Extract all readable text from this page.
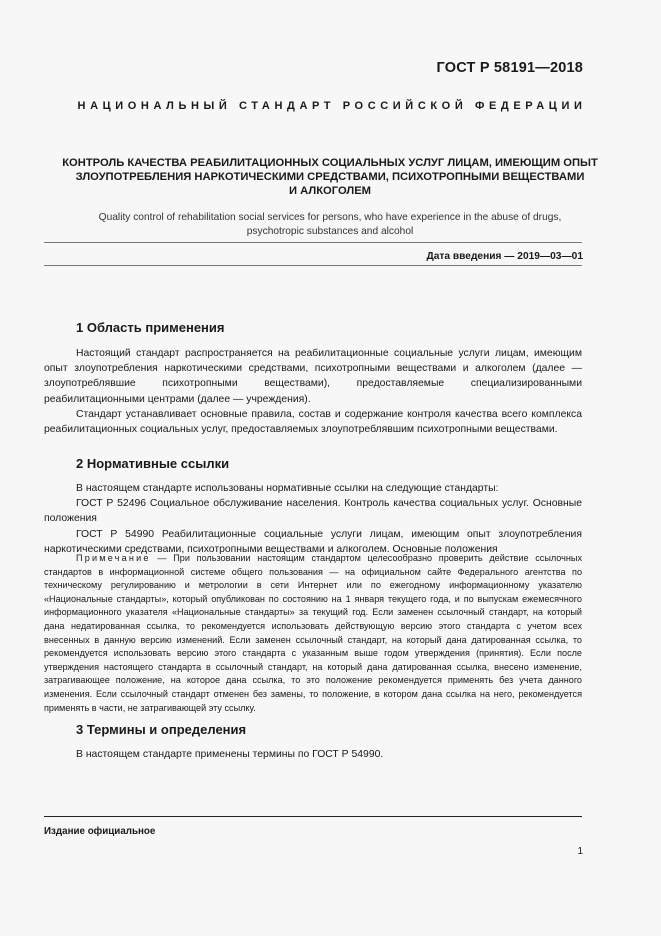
ГОСТ Р 58191—2018
НАЦИОНАЛЬНЫЙ СТАНДАРТ РОССИЙСКОЙ ФЕДЕРАЦИИ
КОНТРОЛЬ КАЧЕСТВА РЕАБИЛИТАЦИОННЫХ СОЦИАЛЬНЫХ УСЛУГ ЛИЦАМ, ИМЕЮЩИМ ОПЫТ
ЗЛОУПОТРЕБЛЕНИЯ НАРКОТИЧЕСКИМИ СРЕДСТВАМИ, ПСИХОТРОПНЫМИ ВЕЩЕСТВАМИ
И АЛКОГОЛЕМ
Quality control of rehabilitation social services for persons, who have experience in the abuse of drugs,
psychotropic substances and alcohol
Дата введения — 2019—03—01
1 Область применения

Настоящий стандарт распространяется на реабилитационные социальные услуги лицам, имеющим опыт злоупотребления наркотическими средствами, психотропными веществами и алкоголем (далее — злоупотреблявшие психотропными веществами), предоставляемые специализированными реабилитационными центрами (далее — учреждения).

Стандарт устанавливает основные правила, состав и содержание контроля качества всего комплекса реабилитационных социальных услуг, предоставляемых злоупотреблявшим психотропными веществами.

2 Нормативные ссылки

В настоящем стандарте использованы нормативные ссылки на следующие стандарты:

ГОСТ Р 52496 Социальное обслуживание населения. Контроль качества социальных услуг. Основные положения

ГОСТ Р 54990 Реабилитационные социальные услуги лицам, имеющим опыт злоупотребления наркотическими средствами, психотропными веществами и алкоголем. Основные положения

Примечание — При пользовании настоящим стандартом целесообразно проверить действие ссылочных стандартов в информационной системе общего пользования — на официальном сайте Федерального агентства по техническому регулированию и метрологии в сети Интернет или по ежегодному информационному указателю «Национальные стандарты», который опубликован по состоянию на 1 января текущего года, и по выпускам ежемесячного информационного указателя «Национальные стандарты» за текущий год. Если заменен ссылочный стандарт, на который дана недатированная ссылка, то рекомендуется использовать действующую версию этого стандарта с учетом всех внесенных в данную версию изменений. Если заменен ссылочный стандарт, на который дана датированная ссылка, то рекомендуется использовать версию этого стандарта с указанным выше годом утверждения (принятия). Если после утверждения настоящего стандарта в ссылочный стандарт, на который дана датированная ссылка, внесено изменение, затрагивающее положение, на которое дана ссылка, то это положение рекомендуется применять без учета данного изменения. Если ссылочный стандарт отменен без замены, то положение, в котором дана ссылка на него, рекомендуется применять в части, не затрагивающей эту ссылку.
3 Термины и определения

В настоящем стандарте применены термины по ГОСТ Р 54990.

Издание официальное
1
